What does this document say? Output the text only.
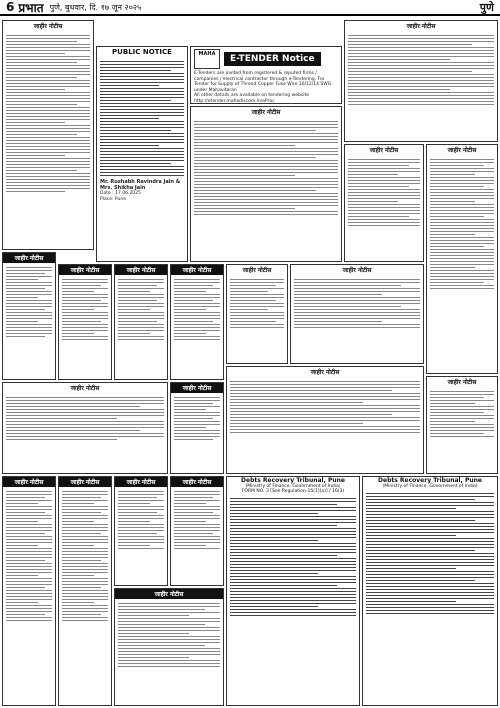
6 प्रभात पुणे, बुधवार, दि. १७ जून २०२५	पुणे
जाहीर नोटीस
PUBLIC NOTICE
Mr. Rushabh Ravindra Jain & Mrs. Shikha Jain
Date : 17.06.2025
Place: Pune
MAHA	E-TENDER Notice
E-Tenders are invited from registered & reputed firms / companies / electrical contractor through e-Tendering. For Tender for Supply of Thread Copper Fuse Wire 10/12/14 SWG under Mahavitaran
All other details are available on tendering website http://etender.mahadiscom.in/eProc
जाहीर नोटीस
जाहीर नोटीस
जाहीर नोटीस	जाहीर नोटीस
जाहीर नोटीस
जाहीर नोटीस	जाहीर नोटीस	जाहीर नोटीस	जाहीर नोटीस	जाहीर नोटीस
जाहीर नोटीस	जाहीर नोटीस
जाहीर नोटीस
जाहीर नोटीस
जाहीर नोटीस	जाहीर नोटीस	जाहीर नोटीस	जाहीर नोटीस
जाहीर नोटीस
Debts Recovery Tribunal, Pune
(Ministry of Finance, Government of India)
FORM NO. 3 [See Regulation-15(1)(a)] / 16(3)
Debts Recovery Tribunal, Pune
(Ministry of Finance, Government of India)
